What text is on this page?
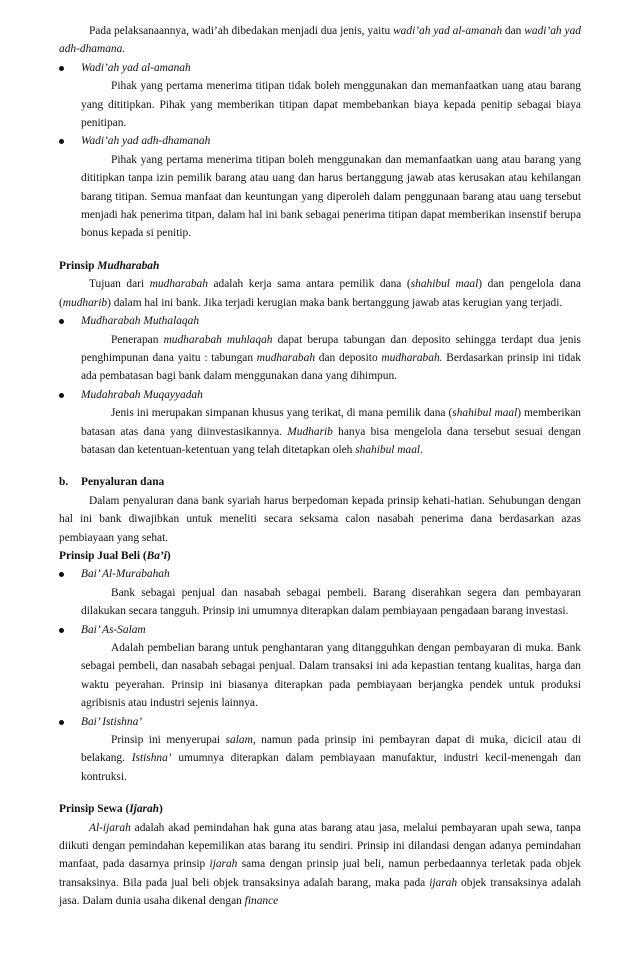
Pada pelaksanaannya, wadi’ah dibedakan menjadi dua jenis, yaitu wadi’ah yad al-amanah dan wadi’ah yad adh-dhamana.

Wadi’ah yad al-amanah

Pihak yang pertama menerima titipan tidak boleh menggunakan dan memanfaatkan uang atau barang yang dititipkan. Pihak yang memberikan titipan dapat membebankan biaya kepada penitip sebagai biaya penitipan.

Wadi’ah yad adh-dhamanah

Pihak yang pertama menerima titipan boleh menggunakan dan memanfaatkan uang atau barang yang dititipkan tanpa izin pemilik barang atau uang dan harus bertanggung jawab atas kerusakan atau kehilangan barang titipan. Semua manfaat dan keuntungan yang diperoleh dalam penggunaan barang atau uang tersebut menjadi hak penerima titpan, dalam hal ini bank sebagai penerima titipan dapat memberikan insenstif berupa bonus kepada si penitip.

Prinsip Mudharabah

Tujuan dari mudharabah adalah kerja sama antara pemilik dana (shahibul maal) dan pengelola dana (mudharib) dalam hal ini bank. Jika terjadi kerugian maka bank bertanggung jawab atas kerugian yang terjadi.

Mudharabah Muthalaqah

Penerapan mudharabah muhlaqah dapat berupa tabungan dan deposito sehingga terdapt dua jenis penghimpunan dana yaitu : tabungan mudharabah dan deposito mudharabah. Berdasarkan prinsip ini tidak ada pembatasan bagi bank dalam menggunakan dana yang dihimpun.

Mudahrabah Muqayyadah

Jenis ini merupakan simpanan khusus yang terikat, di mana pemilik dana (shahibul maal) memberikan batasan atas dana yang diinvestasikannya. Mudharib hanya bisa mengelola dana tersebut sesuai dengan batasan dan ketentuan-ketentuan yang telah ditetapkan oleh shahibul maal.

b. Penyaluran dana

Dalam penyaluran dana bank syariah harus berpedoman kepada prinsip kehati-hatian. Sehubungan dengan hal ini bank diwajibkan untuk meneliti secara seksama calon nasabah penerima dana berdasarkan azas pembiayaan yang sehat.

Prinsip Jual Beli (Ba’i)

Bai’ Al-Murabahah

Bank sebagai penjual dan nasabah sebagai pembeli. Barang diserahkan segera dan pembayaran dilakukan secara tangguh. Prinsip ini umumnya diterapkan dalam pembiayaan pengadaan barang investasi.

Bai’ As-Salam

Adalah pembelian barang untuk penghantaran yang ditangguhkan dengan pembayaran di muka. Bank sebagai pembeli, dan nasabah sebagai penjual. Dalam transaksi ini ada kepastian tentang kualitas, harga dan waktu peyerahan. Prinsip ini biasanya diterapkan pada pembiayaan berjangka pendek untuk produksi agribisnis atau industri sejenis lainnya.

Bai’ Istishna’

Prinsip ini menyerupai salam, namun pada prinsip ini pembayran dapat di muka, dicicil atau di belakang. Istishna’ umumnya diterapkan dalam pembiayaan manufaktur, industri kecil-menengah dan kontruksi.

Prinsip Sewa (Ijarah)

Al-ijarah adalah akad pemindahan hak guna atas barang atau jasa, melalui pembayaran upah sewa, tanpa diikuti dengan pemindahan kepemilikan atas barang itu sendiri. Prinsip ini dilandasi dengan adanya pemindahan manfaat, pada dasarnya prinsip ijarah sama dengan prinsip jual beli, namun perbedaannya terletak pada objek transaksinya. Bila pada jual beli objek transaksinya adalah barang, maka pada ijarah objek transaksinya adalah jasa. Dalam dunia usaha dikenal dengan finance
